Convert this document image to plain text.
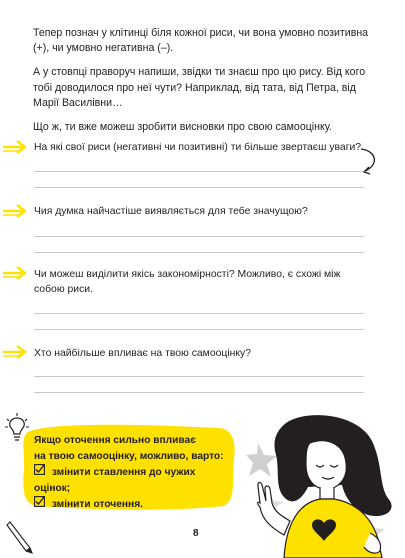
Тепер познач у клітинці біля кожної риси, чи вона умовно позитивна (+), чи умовно негативна (–).

А у стовпці праворуч напиши, звідки ти знаєш про цю рису. Від кого тобі доводилося про неї чути? Наприклад, від тата, від Петра, від Марії Василівни…

Що ж, ти вже можеш зробити висновки про свою самооцінку.

На які свої риси (негативні чи позитивні) ти більше звертаєш уваги?
Чия думка найчастіше виявляється для тебе значущою?
Чи можеш виділити якісь закономірності? Можливо, є схожі між собою риси.
Хто найбільше впливає на твою самооцінку?
Якщо оточення сильно впливає
на твою самооцінку, можливо, варто:
змінити ставлення до чужих оцінок;
змінити оточення.
8
